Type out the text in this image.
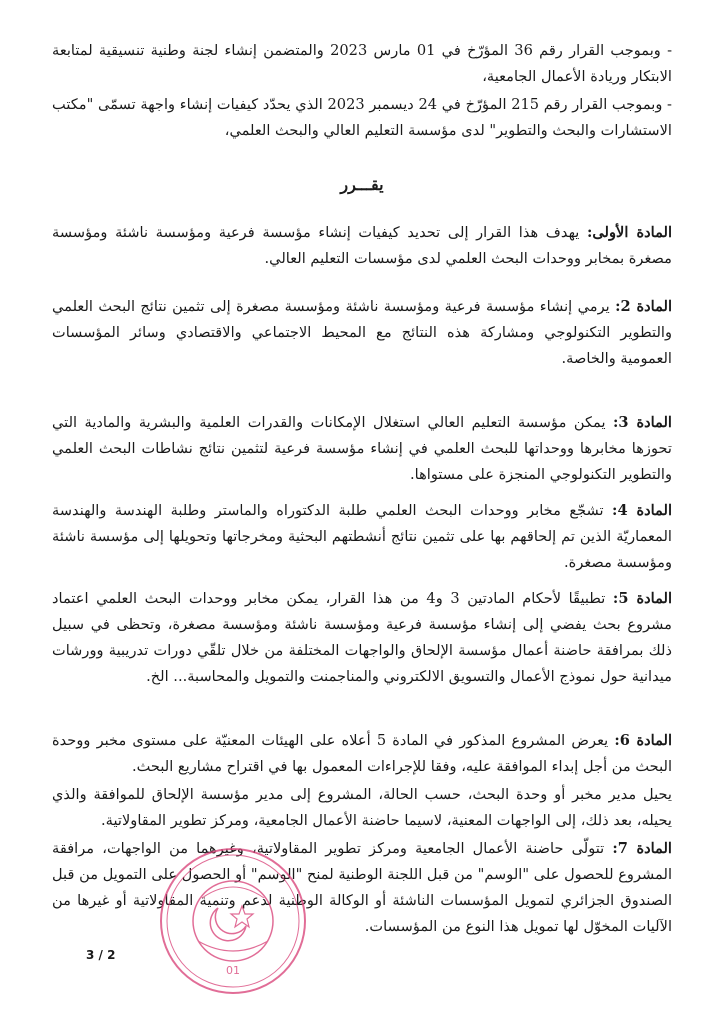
- وبموجب القرار رقم 36 المؤرّخ في 01 مارس 2023 والمتضمن إنشاء لجنة وطنية تنسيقية لمتابعة الابتكار وريادة الأعمال الجامعية،

- وبموجب القرار رقم 215 المؤرّخ في 24 ديسمبر 2023 الذي يحدّد كيفيات إنشاء واجهة تسمّى "مكتب الاستشارات والبحث والتطوير" لدى مؤسسة التعليم العالي والبحث العلمي،

يقـــرر

المادة الأولى: يهدف هذا القرار إلى تحديد كيفيات إنشاء مؤسسة فرعية ومؤسسة ناشئة ومؤسسة مصغرة بمخابر ووحدات البحث العلمي لدى مؤسسات التعليم العالي.

المادة 2: يرمي إنشاء مؤسسة فرعية ومؤسسة ناشئة ومؤسسة مصغرة إلى تثمين نتائج البحث العلمي والتطوير التكنولوجي ومشاركة هذه النتائج مع المحيط الاجتماعي والاقتصادي وسائر المؤسسات العمومية والخاصة.

المادة 3: يمكن مؤسسة التعليم العالي استغلال الإمكانات والقدرات العلمية والبشرية والمادية التي تحوزها مخابرها ووحداتها للبحث العلمي في إنشاء مؤسسة فرعية لتثمين نتائج نشاطات البحث العلمي والتطوير التكنولوجي المنجزة على مستواها.

المادة 4: تشجّع مخابر ووحدات البحث العلمي طلبة الدكتوراه والماستر وطلبة الهندسة والهندسة المعماريّة الذين تم إلحاقهم بها على تثمين نتائج أنشطتهم البحثية ومخرجاتها وتحويلها إلى مؤسسة ناشئة ومؤسسة مصغرة.

المادة 5: تطبيقًا لأحكام المادتين 3 و4 من هذا القرار، يمكن مخابر ووحدات البحث العلمي اعتماد مشروع بحث يفضي إلى إنشاء مؤسسة فرعية ومؤسسة ناشئة ومؤسسة مصغرة، وتحظى في سبيل ذلك بمرافقة حاضنة أعمال مؤسسة الإلحاق والواجهات المختلفة من خلال تلقّي دورات تدريبية وورشات ميدانية حول نموذج الأعمال والتسويق الالكتروني والمناجمنت والتمويل والمحاسبة... الخ.

المادة 6: يعرض المشروع المذكور في المادة 5 أعلاه على الهيئات المعنيّة على مستوى مخبر ووحدة البحث من أجل إبداء الموافقة عليه، وفقا للإجراءات المعمول بها في اقتراح مشاريع البحث.

يحيل مدير مخبر أو وحدة البحث، حسب الحالة، المشروع إلى مدير مؤسسة الإلحاق للموافقة والذي يحيله، بعد ذلك، إلى الواجهات المعنية، لاسيما حاضنة الأعمال الجامعية، ومركز تطوير المقاولاتية.

المادة 7: تتولّى حاضنة الأعمال الجامعية ومركز تطوير المقاولاتية، وغيرهما من الواجهات، مرافقة المشروع للحصول على "الوسم" من قبل اللجنة الوطنية لمنح "الوسم" أو الحصول على التمويل من قبل الصندوق الجزائري لتمويل المؤسسات الناشئة أو الوكالة الوطنية لدعم وتنمية المقاولاتية أو غيرها من الآليات المخوّل لها تمويل هذا النوع من المؤسسات.

01
3 / 2
